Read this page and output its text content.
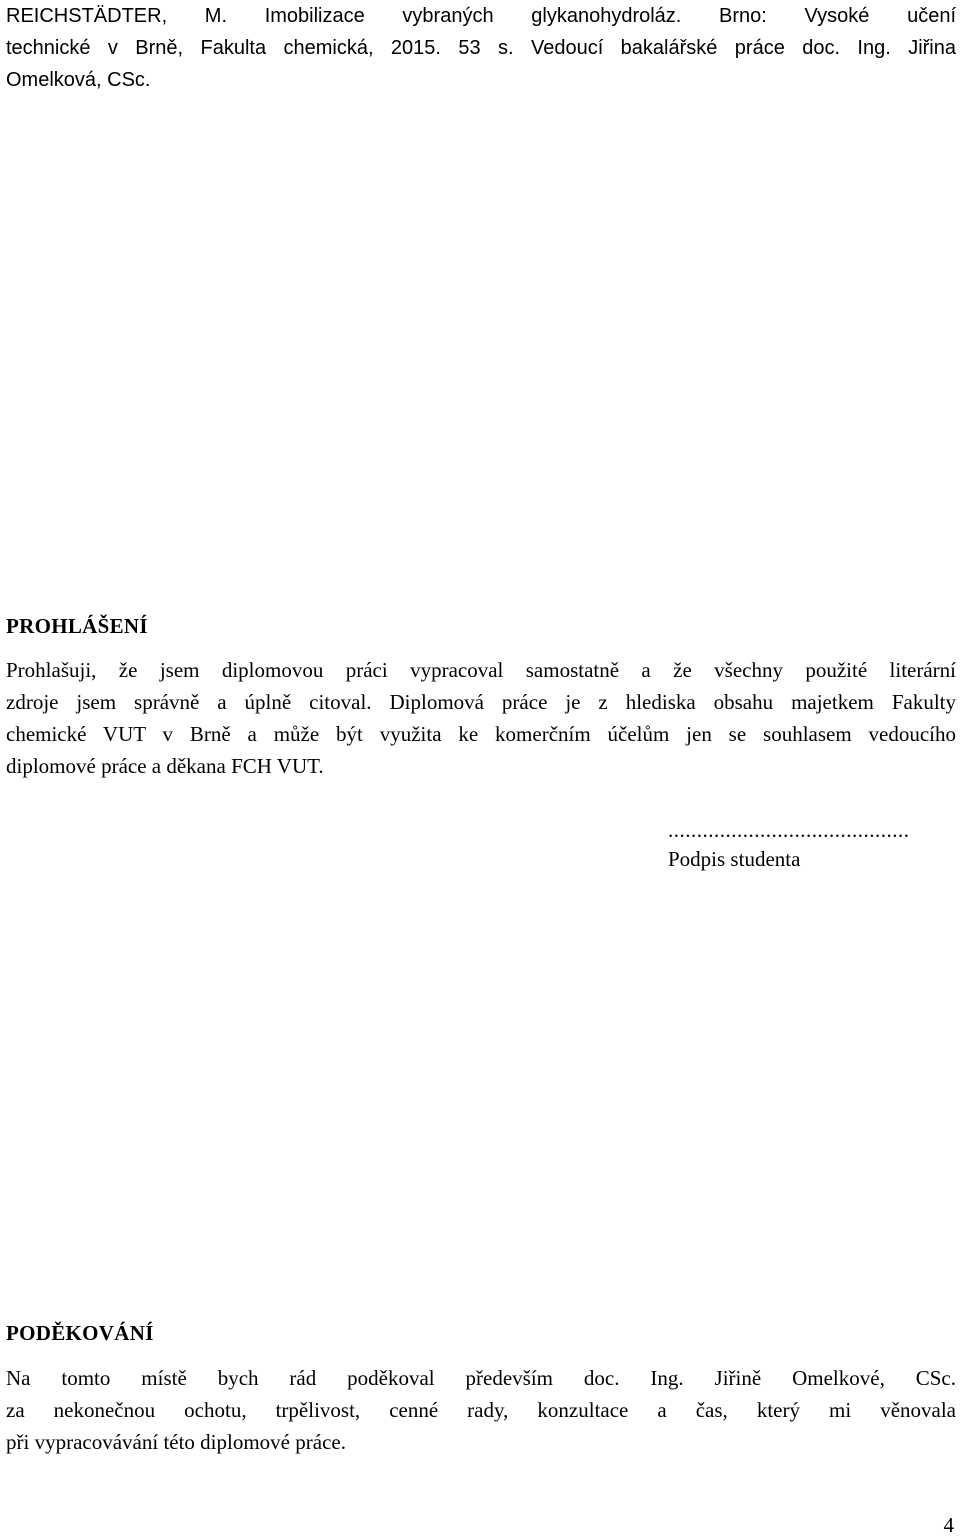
REICHSTÄDTER, M. Imobilizace vybraných glykanohydroláz. Brno: Vysoké učení
technické v Brně, Fakulta chemická, 2015. 53 s. Vedoucí bakalářské práce doc. Ing. Jiřina
Omelková, CSc.
PROHLÁŠENÍ
Prohlašuji, že jsem diplomovou práci vypracoval samostatně a že všechny použité literární
zdroje jsem správně a úplně citoval. Diplomová práce je z hlediska obsahu majetkem Fakulty
chemické VUT v Brně a může být využita ke komerčním účelům jen se souhlasem vedoucího
diplomové práce a děkana FCH VUT.
..........................................
Podpis studenta
PODĚKOVÁNÍ
Na tomto místě bych rád poděkoval především doc. Ing. Jiřině Omelkové, CSc.
za nekonečnou ochotu, trpělivost, cenné rady, konzultace a čas, který mi věnovala
při vypracovávání této diplomové práce.
4
